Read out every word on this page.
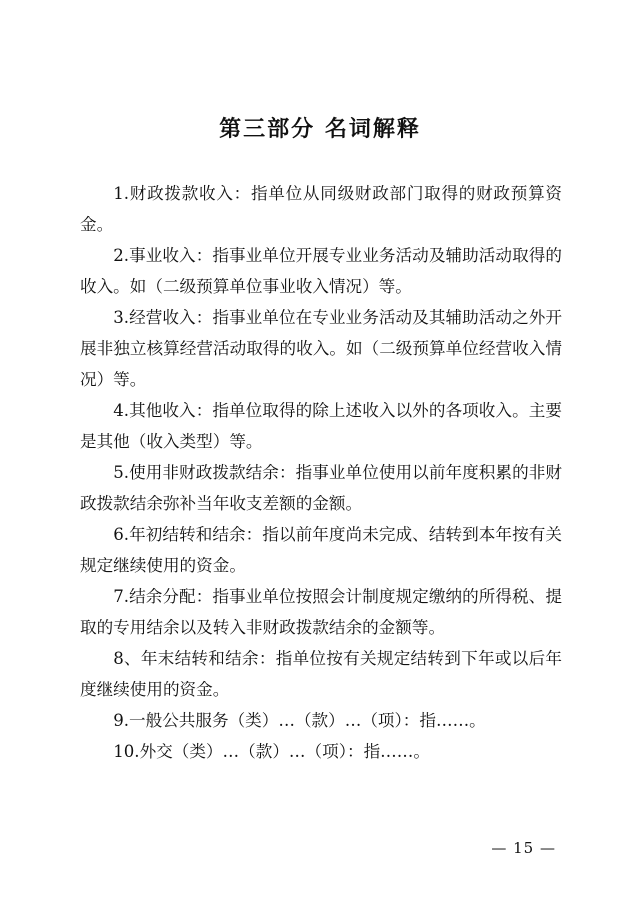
第三部分 名词解释

1.财政拨款收入：指单位从同级财政部门取得的财政预算资金。

2.事业收入：指事业单位开展专业业务活动及辅助活动取得的收入。如（二级预算单位事业收入情况）等。

3.经营收入：指事业单位在专业业务活动及其辅助活动之外开展非独立核算经营活动取得的收入。如（二级预算单位经营收入情况）等。

4.其他收入：指单位取得的除上述收入以外的各项收入。主要是其他（收入类型）等。

5.使用非财政拨款结余：指事业单位使用以前年度积累的非财政拨款结余弥补当年收支差额的金额。

6.年初结转和结余：指以前年度尚未完成、结转到本年按有关规定继续使用的资金。

7.结余分配：指事业单位按照会计制度规定缴纳的所得税、提取的专用结余以及转入非财政拨款结余的金额等。

8、年末结转和结余：指单位按有关规定结转到下年或以后年度继续使用的资金。

9.一般公共服务（类）…（款）…（项）：指……。

10.外交（类）…（款）…（项）：指……。

— 15 —
